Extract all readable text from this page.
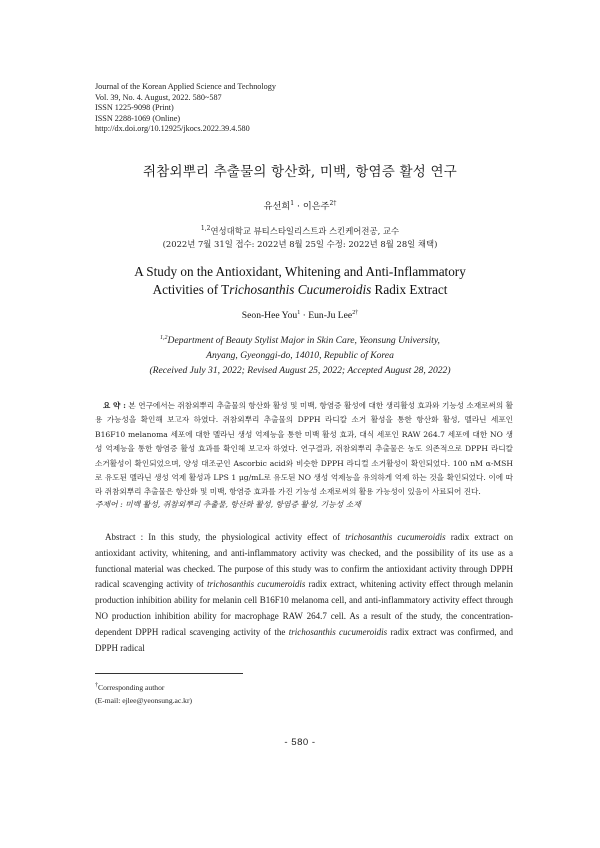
Journal of the Korean Applied Science and Technology
Vol. 39, No. 4. August, 2022. 580~587
ISSN 1225-9098 (Print)
ISSN 2288-1069 (Online)
http://dx.doi.org/10.12925/jkocs.2022.39.4.580
쥐참외뿌리 추출물의 항산화, 미백, 항염증 활성 연구
유선희$^1$ · 이은주$^{2\dagger}$
$^{1,2}$연성대학교 뷰티스타일리스트과 스킨케어전공, 교수
(2022년 7월 31일 접수: 2022년 8월 25일 수정: 2022년 8월 28일 채택)
A Study on the Antioxidant, Whitening and Anti-Inflammatory
Activities of Trichosanthis Cucumeroidis Radix Extract
Seon-Hee You$^1$ · Eun-Ju Lee$^{2\dagger}$
$^{1,2}$Department of Beauty Stylist Major in Skin Care, Yeonsung University,
Anyang, Gyeonggi-do, 14010, Republic of Korea
(Received July 31, 2022; Revised August 25, 2022; Accepted August 28, 2022)
요 약 : 본 연구에서는 쥐참외뿌리 추출물의 항산화 활성 및 미백, 항염증 활성에 대한 생리활성 효과와 기능성 소재로써의 활용 가능성을 확인해 보고자 하였다. 쥐참외뿌리 추출물의 DPPH 라디칼 소거 활성을 통한 항산화 활성, 멜라닌 세포인 B16F10 melanoma 세포에 대한 멜라닌 생성 억제능을 통한 미백 활성 효과, 대식 세포인 RAW 264.7 세포에 대한 NO 생성 억제능을 통한 항염증 활성 효과를 확인해 보고자 하였다. 연구결과, 쥐참외뿌리 추출물은 농도 의존적으로 DPPH 라디칼 소거활성이 확인되었으며, 양성 대조군인 Ascorbic acid와 비슷한 DPPH 라디컬 소거활성이 확인되었다. 100 nM α-MSH로 유도된 멜라닌 생성 억제 활성과 LPS 1 μg/mL로 유도된 NO 생성 억제능을 유의하게 억제 하는 것을 확인되었다. 이에 따라 쥐참외뿌리 추출물은 항산화 및 미백, 항염증 효과를 가진 기능성 소재로써의 활용 가능성이 있음이 사료되어 진다.
주제어 : 미백 활성, 쥐참외뿌리 추출물, 항산화 활성, 항염증 활성, 기능성 소재
Abstract : In this study, the physiological activity effect of trichosanthis cucumeroidis radix extract on antioxidant activity, whitening, and anti-inflammatory activity was checked, and the possibility of its use as a functional material was checked. The purpose of this study was to confirm the antioxidant activity through DPPH radical scavenging activity of trichosanthis cucumeroidis radix extract, whitening activity effect through melanin production inhibition ability for melanin cell B16F10 melanoma cell, and anti-inflammatory activity effect through NO production inhibition ability for macrophage RAW 264.7 cell. As a result of the study, the concentration-dependent DPPH radical scavenging activity of the trichosanthis cucumeroidis radix extract was confirmed, and DPPH radical
†Corresponding author
(E-mail: ejlee@yeonsung.ac.kr)
- 580 -
